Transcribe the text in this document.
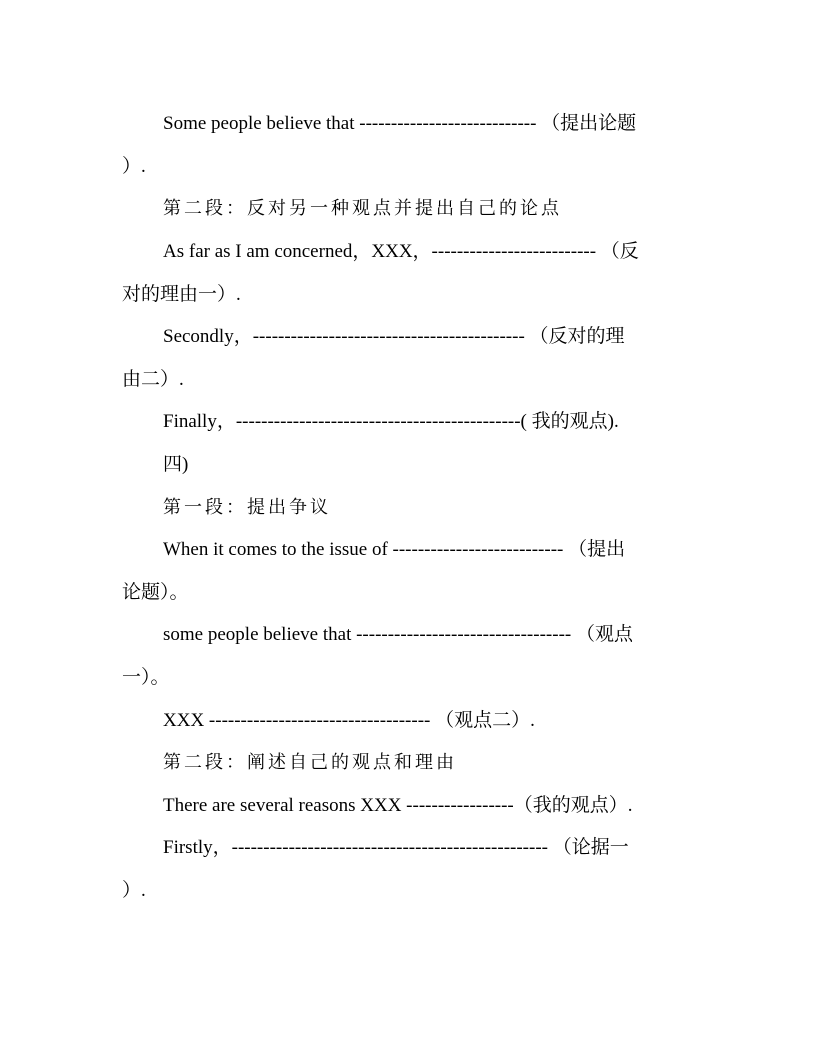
Some people believe that ---------------------------- （提出论题
）.
第二段：反对另一种观点并提出自己的论点
As far as I am concerned，XXX，-------------------------- （反
对的理由一）.
Secondly，------------------------------------------- （反对的理
由二）.
Finally，---------------------------------------------( 我的观点).
四)
第一段：提出争议
When it comes to the issue of --------------------------- （提出
论题）。
some people believe that ---------------------------------- （观点
一）。
XXX ----------------------------------- （观点二）.
第二段：阐述自己的观点和理由
There are several reasons XXX -----------------（我的观点）.
Firstly，-------------------------------------------------- （论据一
）.
